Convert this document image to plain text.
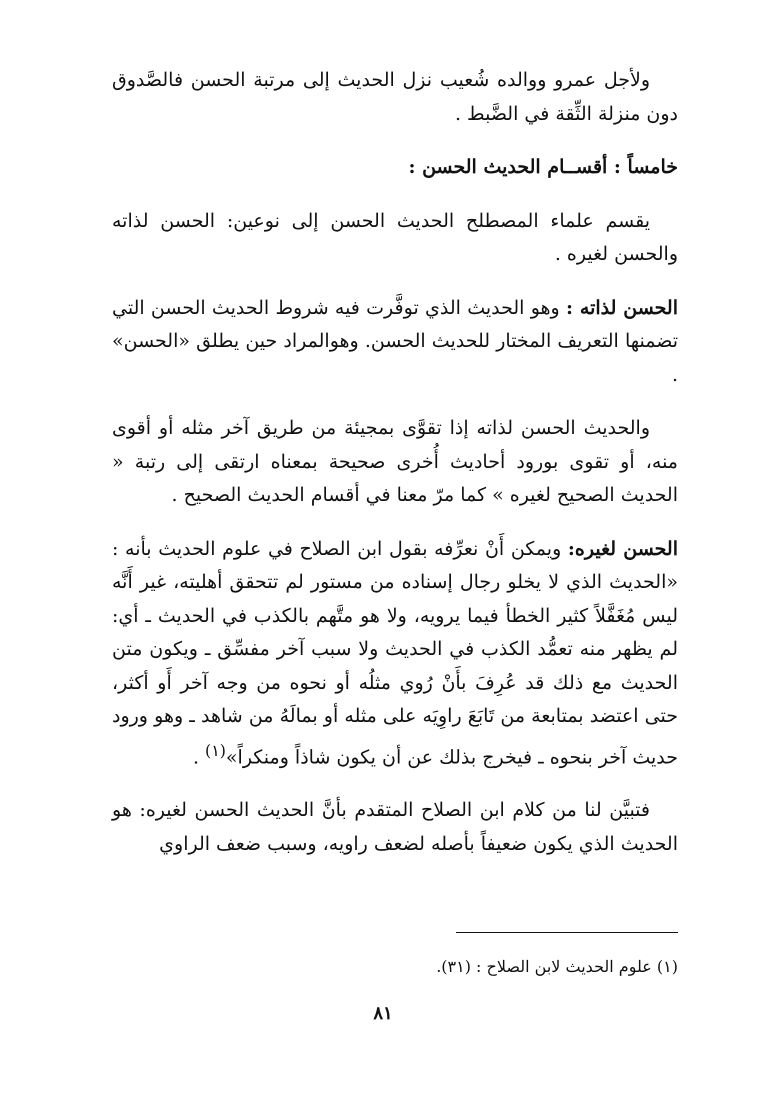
ولأجل عمرو ووالده شُعيب نزل الحديث إلى مرتبة الحسن فالصَّدوق دون منزلة الثِّقة في الضَّبط .

خامساً : أقســام الحديث الحسن :

يقسم علماء المصطلح الحديث الحسن إلى نوعين: الحسن لذاته والحسن لغيره .

الحسن لذاته : وهو الحديث الذي توفَّرت فيه شروط الحديث الحسن التي تضمنها التعريف المختار للحديث الحسن. وهوالمراد حين يطلق «الحسن» .

والحديث الحسن لذاته إذا تقوَّى بمجيئة من طريق آخر مثله أو أقوى منه، أو تقوى بورود أحاديث أُخرى صحيحة بمعناه ارتقى إلى رتبة « الحديث الصحيح لغيره » كما مرّ معنا في أقسام الحديث الصحيح .

الحسن لغيره: ويمكن أَنْ نعرِّفه بقول ابن الصلاح في علوم الحديث بأنه : «الحديث الذي لا يخلو رجال إسناده من مستور لم تتحقق أهليته، غير أَنَّه ليس مُغَفَّلاً كثير الخطأ فيما يرويه، ولا هو متَّهم بالكذب في الحديث ـ أي: لم يظهر منه تعمُّد الكذب في الحديث ولا سبب آخر مفسِّق ـ ويكون متن الحديث مع ذلك قد عُرِفَ بأَنْ رُوي مثلُه أو نحوه من وجه آخر أَو أكثر، حتى اعتضد بمتابعة من تَابَعَ راوِيَه على مثله أو بمالَهُ من شاهد ـ وهو ورود حديث آخر بنحوه ـ فيخرج بذلك عن أن يكون شاذاً ومنكراً»$^{(١)}$ .

فتبيَّن لنا من كلام ابن الصلاح المتقدم بأنَّ الحديث الحسن لغيره: هو الحديث الذي يكون ضعيفاً بأصله لضعف راويه، وسبب ضعف الراوي

(١) علوم الحديث لابن الصلاح : (٣١).
٨١
